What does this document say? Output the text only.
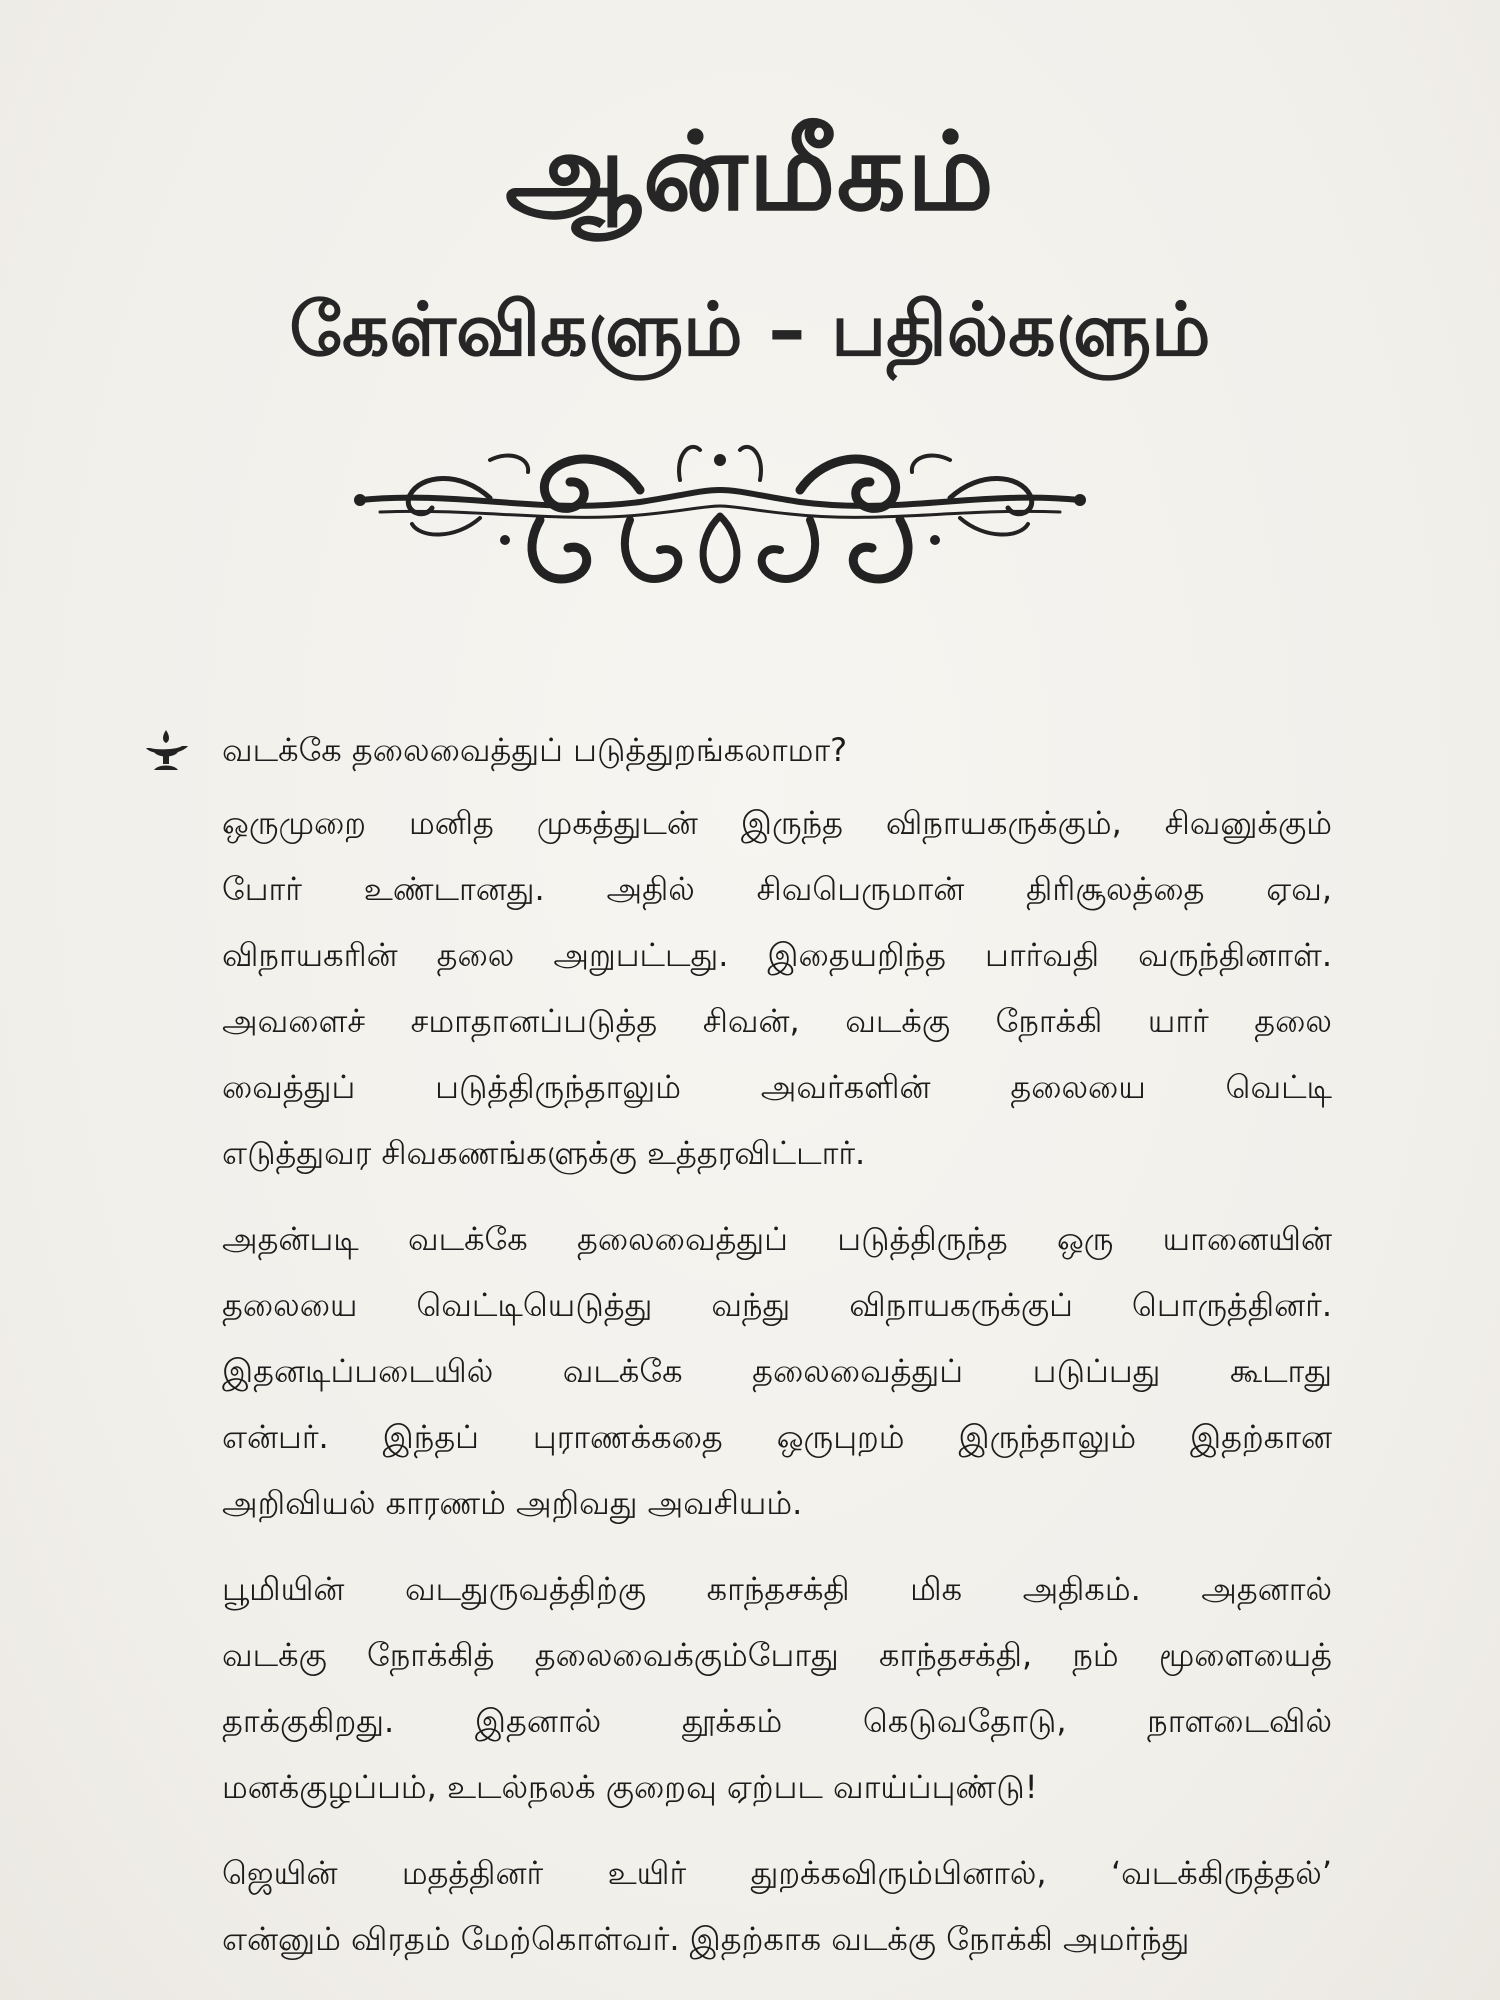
ஆன்மீகம்
கேள்விகளும் – பதில்களும்
வடக்கே தலைவைத்துப் படுத்துறங்கலாமா?
ஒருமுறை மனித முகத்துடன் இருந்த விநாயகருக்கும், சிவனுக்கும்
போர் உண்டானது. அதில் சிவபெருமான் திரிசூலத்தை ஏவ,
விநாயகரின் தலை அறுபட்டது. இதையறிந்த பார்வதி வருந்தினாள்.
அவளைச் சமாதானப்படுத்த சிவன், வடக்கு நோக்கி யார் தலை
வைத்துப் படுத்திருந்தாலும் அவர்களின் தலையை வெட்டி
எடுத்துவர சிவகணங்களுக்கு உத்தரவிட்டார்.
அதன்படி வடக்கே தலைவைத்துப் படுத்திருந்த ஒரு யானையின்
தலையை வெட்டியெடுத்து வந்து விநாயகருக்குப் பொருத்தினர்.
இதனடிப்படையில் வடக்கே தலைவைத்துப் படுப்பது கூடாது
என்பர். இந்தப் புராணக்கதை ஒருபுறம் இருந்தாலும் இதற்கான
அறிவியல் காரணம் அறிவது அவசியம்.
பூமியின் வடதுருவத்திற்கு காந்தசக்தி மிக அதிகம். அதனால்
வடக்கு நோக்கித் தலைவைக்கும்போது காந்தசக்தி, நம் மூளையைத்
தாக்குகிறது. இதனால் தூக்கம் கெடுவதோடு, நாளடைவில்
மனக்குழப்பம், உடல்நலக் குறைவு ஏற்பட வாய்ப்புண்டு!
ஜெயின் மதத்தினர் உயிர் துறக்கவிரும்பினால், ‘வடக்கிருத்தல்’
என்னும் விரதம் மேற்கொள்வர். இதற்காக வடக்கு நோக்கி அமர்ந்து
